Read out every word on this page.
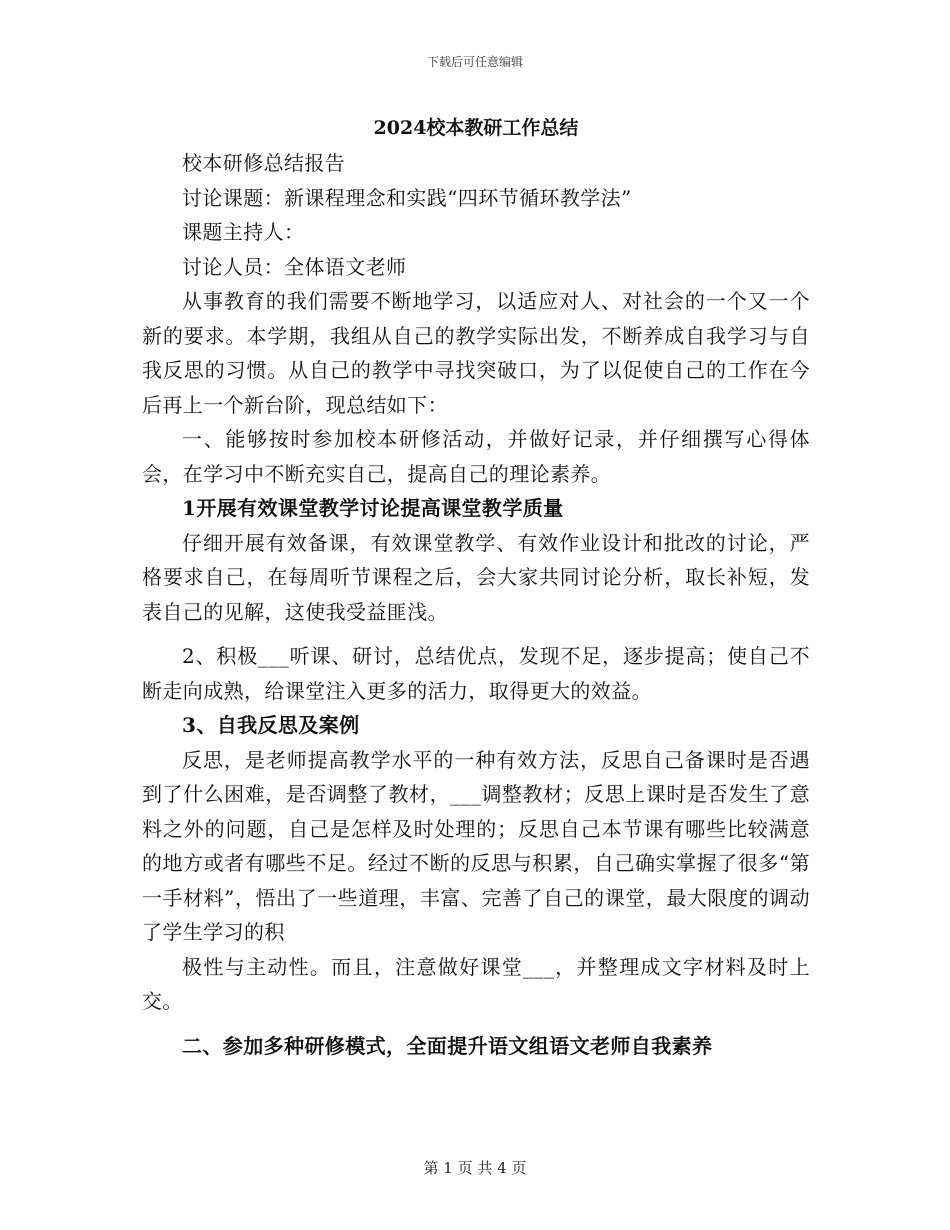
下载后可任意编辑
2024校本教研工作总结

校本研修总结报告

讨论课题：新课程理念和实践“四环节循环教学法”

课题主持人：

讨论人员：全体语文老师

从事教育的我们需要不断地学习，以适应对人、对社会的一个又一个新的要求。本学期，我组从自己的教学实际出发，不断养成自我学习与自我反思的习惯。从自己的教学中寻找突破口，为了以促使自己的工作在今后再上一个新台阶，现总结如下：

一、能够按时参加校本研修活动，并做好记录，并仔细撰写心得体会，在学习中不断充实自己，提高自己的理论素养。

1开展有效课堂教学讨论提高课堂教学质量

仔细开展有效备课，有效课堂教学、有效作业设计和批改的讨论，严格要求自己，在每周听节课程之后，会大家共同讨论分析，取长补短，发表自己的见解，这使我受益匪浅。

2、积极___听课、研讨，总结优点，发现不足，逐步提高；使自己不断走向成熟，给课堂注入更多的活力，取得更大的效益。

3、自我反思及案例

反思，是老师提高教学水平的一种有效方法，反思自己备课时是否遇到了什么困难，是否调整了教材，___调整教材；反思上课时是否发生了意料之外的问题，自己是怎样及时处理的；反思自己本节课有哪些比较满意的地方或者有哪些不足。经过不断的反思与积累，自己确实掌握了很多“第一手材料”，悟出了一些道理，丰富、完善了自己的课堂，最大限度的调动了学生学习的积

极性与主动性。而且，注意做好课堂___，并整理成文字材料及时上交。

二、参加多种研修模式，全面提升语文组语文老师自我素养

第 1 页 共 4 页
